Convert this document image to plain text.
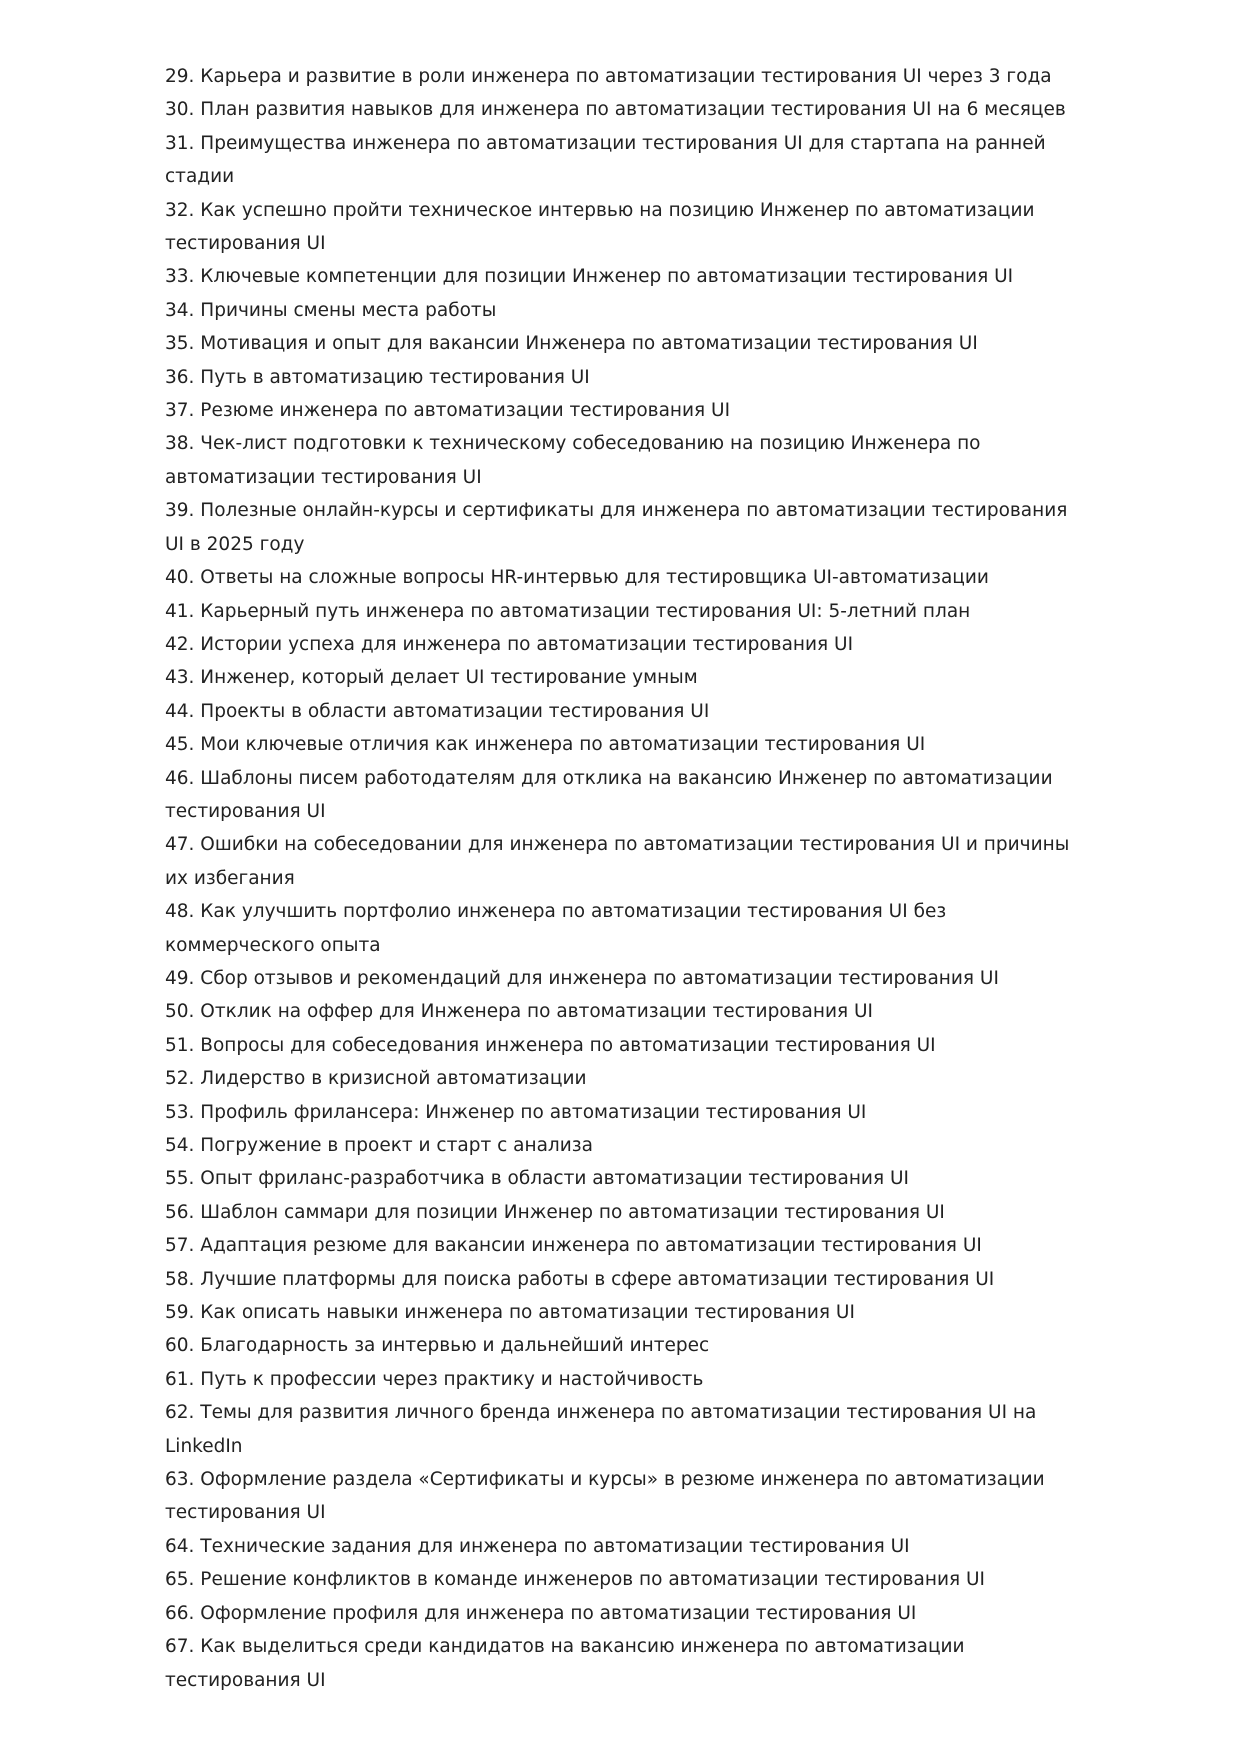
29. Карьера и развитие в роли инженера по автоматизации тестирования UI через 3 года
30. План развития навыков для инженера по автоматизации тестирования UI на 6 месяцев
31. Преимущества инженера по автоматизации тестирования UI для стартапа на ранней стадии
32. Как успешно пройти техническое интервью на позицию Инженер по автоматизации тестирования UI
33. Ключевые компетенции для позиции Инженер по автоматизации тестирования UI
34. Причины смены места работы
35. Мотивация и опыт для вакансии Инженера по автоматизации тестирования UI
36. Путь в автоматизацию тестирования UI
37. Резюме инженера по автоматизации тестирования UI
38. Чек-лист подготовки к техническому собеседованию на позицию Инженера по автоматизации тестирования UI
39. Полезные онлайн-курсы и сертификаты для инженера по автоматизации тестирования UI в 2025 году
40. Ответы на сложные вопросы HR-интервью для тестировщика UI-автоматизации
41. Карьерный путь инженера по автоматизации тестирования UI: 5-летний план
42. Истории успеха для инженера по автоматизации тестирования UI
43. Инженер, который делает UI тестирование умным
44. Проекты в области автоматизации тестирования UI
45. Мои ключевые отличия как инженера по автоматизации тестирования UI
46. Шаблоны писем работодателям для отклика на вакансию Инженер по автоматизации тестирования UI
47. Ошибки на собеседовании для инженера по автоматизации тестирования UI и причины их избегания
48. Как улучшить портфолио инженера по автоматизации тестирования UI без коммерческого опыта
49. Сбор отзывов и рекомендаций для инженера по автоматизации тестирования UI
50. Отклик на оффер для Инженера по автоматизации тестирования UI
51. Вопросы для собеседования инженера по автоматизации тестирования UI
52. Лидерство в кризисной автоматизации
53. Профиль фрилансера: Инженер по автоматизации тестирования UI
54. Погружение в проект и старт с анализа
55. Опыт фриланс-разработчика в области автоматизации тестирования UI
56. Шаблон саммари для позиции Инженер по автоматизации тестирования UI
57. Адаптация резюме для вакансии инженера по автоматизации тестирования UI
58. Лучшие платформы для поиска работы в сфере автоматизации тестирования UI
59. Как описать навыки инженера по автоматизации тестирования UI
60. Благодарность за интервью и дальнейший интерес
61. Путь к профессии через практику и настойчивость
62. Темы для развития личного бренда инженера по автоматизации тестирования UI на LinkedIn
63. Оформление раздела «Сертификаты и курсы» в резюме инженера по автоматизации тестирования UI
64. Технические задания для инженера по автоматизации тестирования UI
65. Решение конфликтов в команде инженеров по автоматизации тестирования UI
66. Оформление профиля для инженера по автоматизации тестирования UI
67. Как выделиться среди кандидатов на вакансию инженера по автоматизации тестирования UI
